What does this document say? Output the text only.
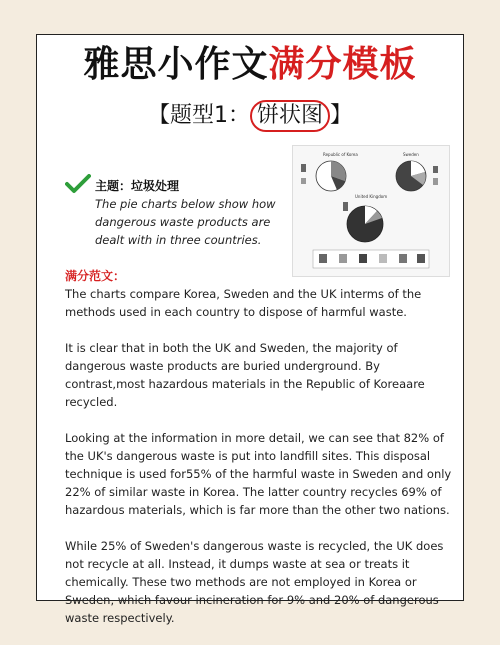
雅思小作文满分模板
【题型1： 饼状图 】
主题：垃圾处理
The pie charts below show how dangerous waste products are dealt with in three countries.
Republic of Korea	Sweden
United Kingdom
满分范文：

The charts compare Korea, Sweden and the UK interms of the methods used in each country to dispose of harmful waste.

It is clear that in both the UK and Sweden, the majority of dangerous waste products are buried underground. By contrast,most hazardous materials in the Republic of Koreaare recycled.

Looking at the information in more detail, we can see that 82% of the UK's dangerous waste is put into landfill sites. This disposal technique is used for55% of the harmful waste in Sweden and only 22% of similar waste in Korea. The latter country recycles 69% of hazardous materials, which is far more than the other two nations.

While 25% of Sweden's dangerous waste is recycled, the UK does not recycle at all. Instead, it dumps waste at sea or treats it chemically. These two methods are not employed in Korea or Sweden, which favour incineration for 9% and 20% of dangerous waste respectively.
